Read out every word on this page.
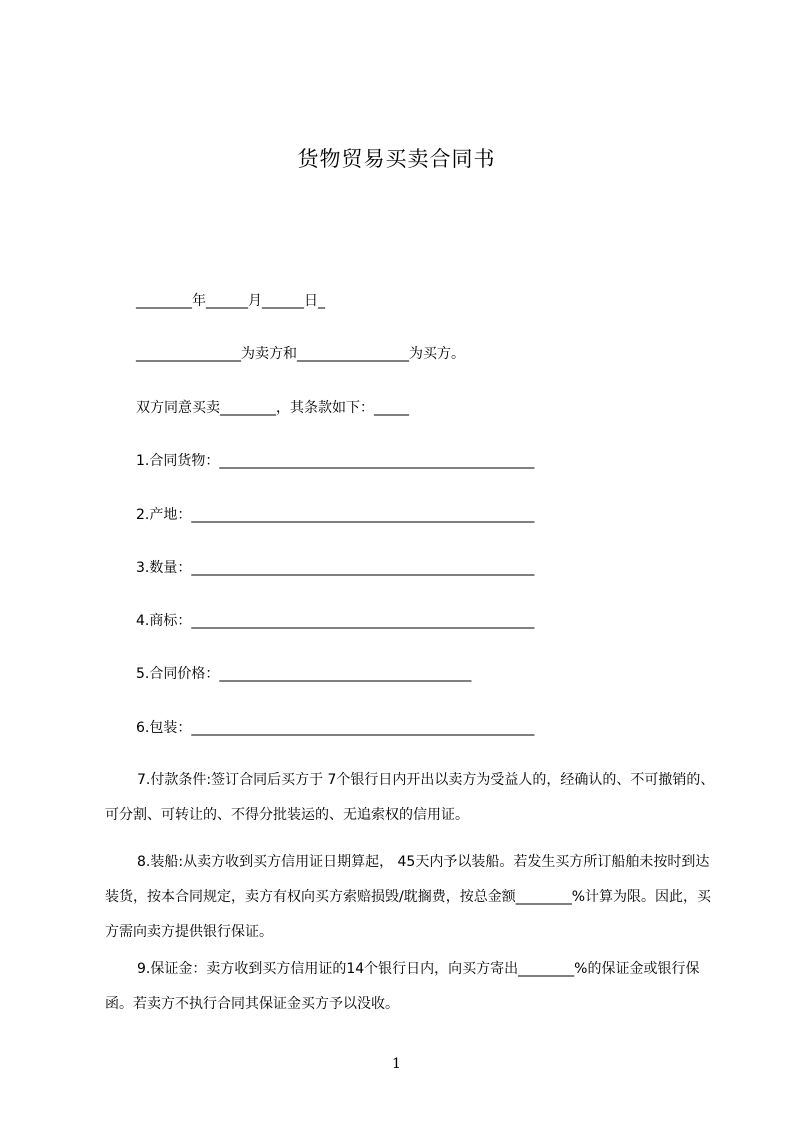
货物贸易买卖合同书
________年______月______日_
_______________为卖方和________________为买方。
双方同意买卖________，其条款如下：_____
1.合同货物：_____________________________________________
2.产地：_________________________________________________
3.数量：_________________________________________________
4.商标：_________________________________________________
5.合同价格：____________________________________
6.包装：_________________________________________________
7.付款条件:签订合同后买方于 7个银行日内开出以卖方为受益人的，经确认的、不可撤销的、可分割、可转让的、不得分批装运的、无追索权的信用证。
8.装船:从卖方收到买方信用证日期算起， 45天内予以装船。若发生买方所订船舶未按时到达装货，按本合同规定，卖方有权向买方索赔损毁/耽搁费，按总金额________%计算为限。因此，买方需向卖方提供银行保证。
9.保证金：卖方收到买方信用证的14个银行日内，向买方寄出________%的保证金或银行保函。若卖方不执行合同其保证金买方予以没收。
1
